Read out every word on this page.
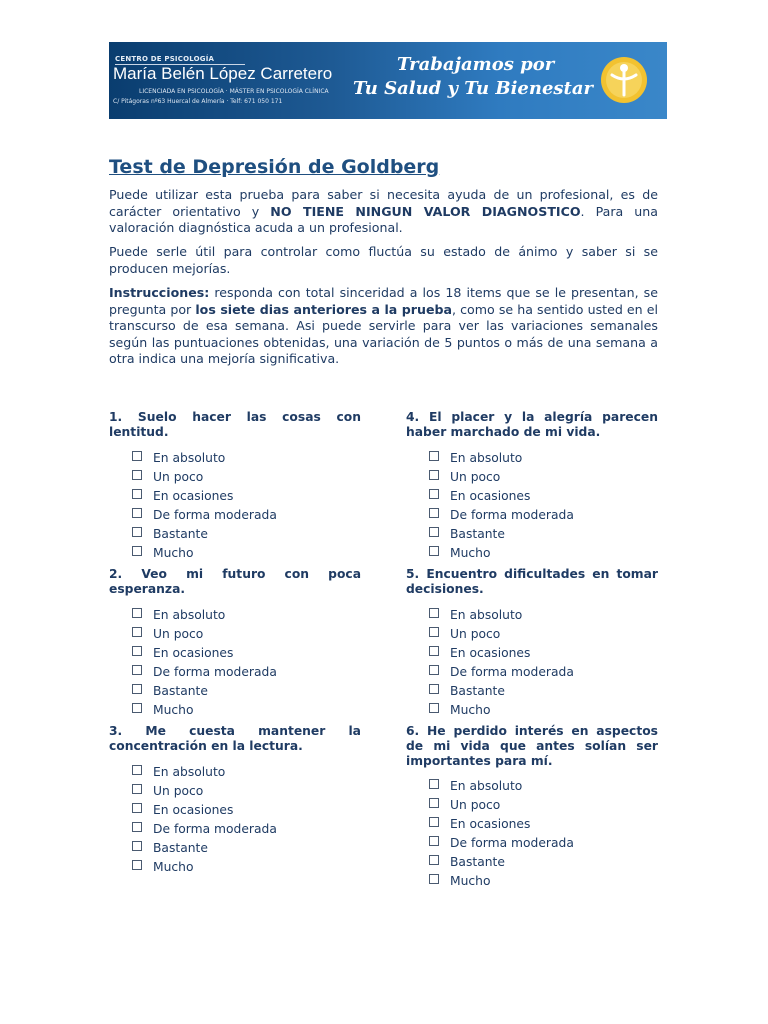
CENTRO DE PSICOLOGÍA
María Belén López Carretero
LICENCIADA EN PSICOLOGÍA · MÁSTER EN PSICOLOGÍA CLÍNICA
C/ Pitágoras nº63 Huercal de Almería · Telf: 671 050 171
Trabajamos por
Tu Salud y Tu Bienestar
Test de Depresión de Goldberg
Puede utilizar esta prueba para saber si necesita ayuda de un profesional, es de carácter orientativo y NO TIENE NINGUN VALOR DIAGNOSTICO. Para una valoración diagnóstica acuda a un profesional.
Puede serle útil para controlar como fluctúa su estado de ánimo y saber si se producen mejorías.
Instrucciones: responda con total sinceridad a los 18 items que se le presentan, se pregunta por los siete dias anteriores a la prueba, como se ha sentido usted en el transcurso de esa semana. Asi puede servirle para ver las variaciones semanales según las puntuaciones obtenidas, una variación de 5 puntos o más de una semana a otra indica una mejoría significativa.
1. Suelo hacer las cosas con lentitud.
En absoluto
Un poco
En ocasiones
De forma moderada
Bastante
Mucho
2. Veo mi futuro con poca esperanza.
En absoluto
Un poco
En ocasiones
De forma moderada
Bastante
Mucho
3. Me cuesta mantener la concentración en la lectura.
En absoluto
Un poco
En ocasiones
De forma moderada
Bastante
Mucho
4. El placer y la alegría parecen haber marchado de mi vida.
En absoluto
Un poco
En ocasiones
De forma moderada
Bastante
Mucho
5. Encuentro dificultades en tomar decisiones.
En absoluto
Un poco
En ocasiones
De forma moderada
Bastante
Mucho
6. He perdido interés en aspectos de mi vida que antes solían ser importantes para mí.
En absoluto
Un poco
En ocasiones
De forma moderada
Bastante
Mucho
